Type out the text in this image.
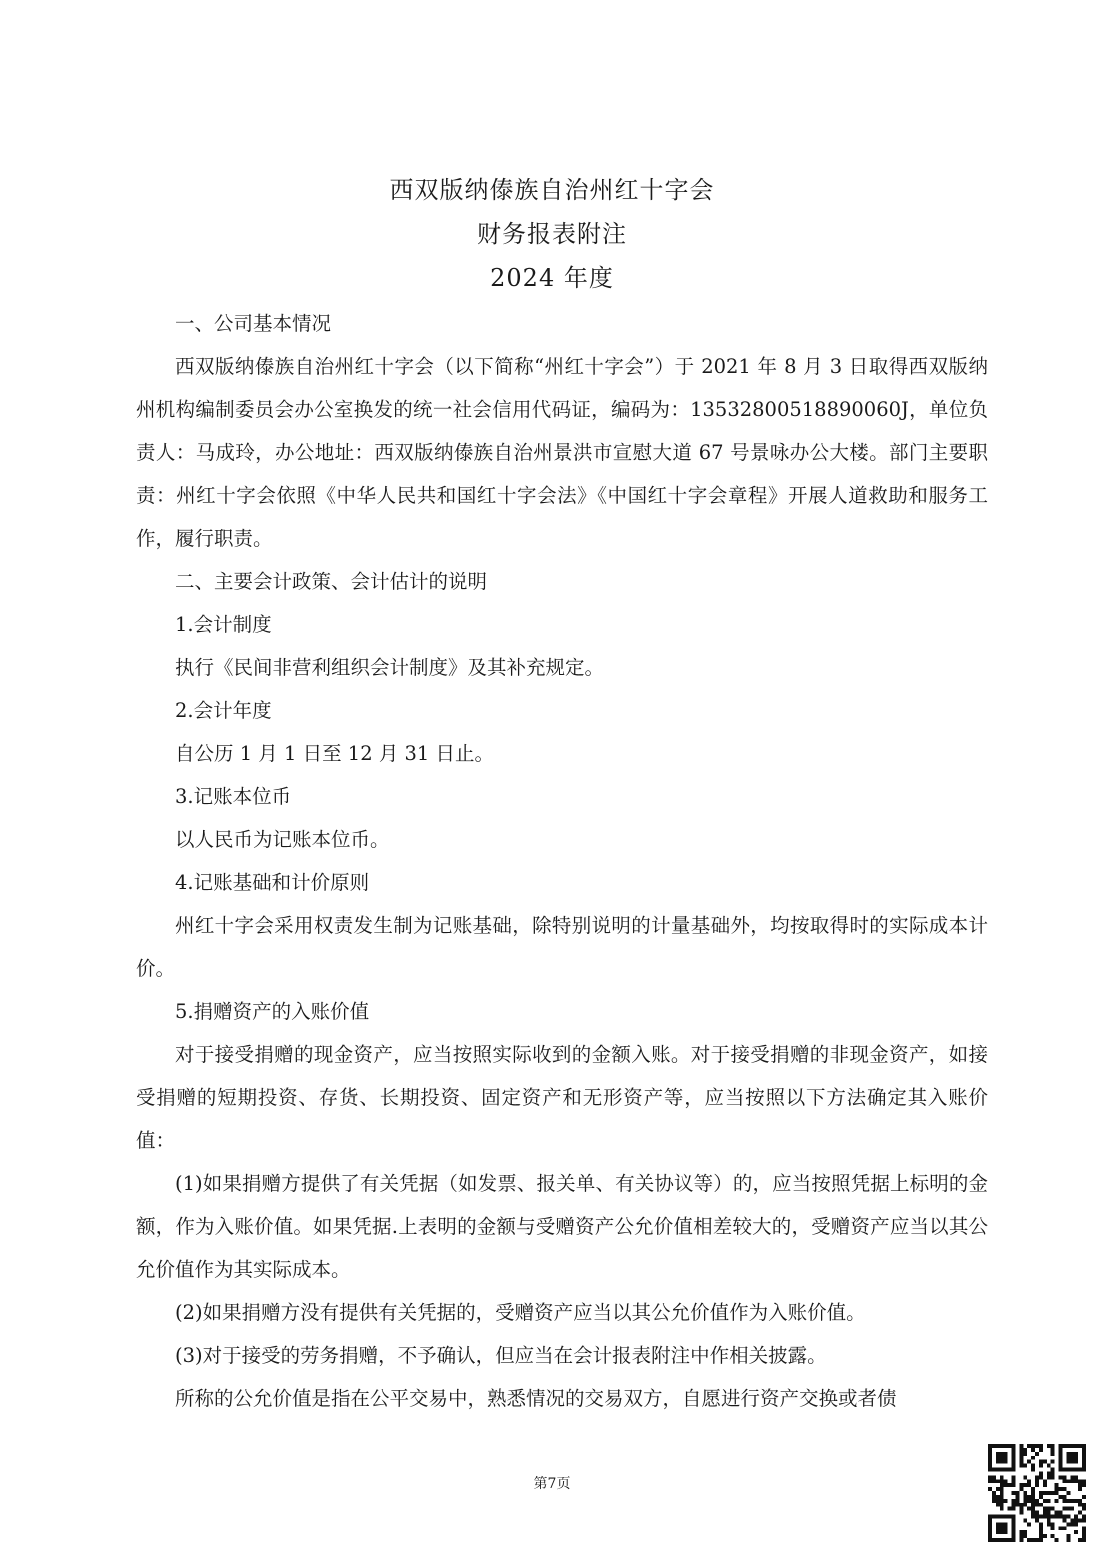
西双版纳傣族自治州红十字会
财务报表附注
2024 年度

一、公司基本情况

西双版纳傣族自治州红十字会（以下简称“州红十字会”）于 2021 年 8 月 3 日取得西双版纳州机构编制委员会办公室换发的统一社会信用代码证，编码为：13532800518890060J，单位负责人：马成玲，办公地址：西双版纳傣族自治州景洪市宣慰大道 67 号景咏办公大楼。部门主要职责：州红十字会依照《中华人民共和国红十字会法》《中国红十字会章程》开展人道救助和服务工作，履行职责。

二、主要会计政策、会计估计的说明

1.会计制度

执行《民间非营利组织会计制度》及其补充规定。

2.会计年度

自公历 1 月 1 日至 12 月 31 日止。

3.记账本位币

以人民币为记账本位币。

4.记账基础和计价原则

州红十字会采用权责发生制为记账基础，除特别说明的计量基础外，均按取得时的实际成本计价。

5.捐赠资产的入账价值

对于接受捐赠的现金资产，应当按照实际收到的金额入账。对于接受捐赠的非现金资产，如接受捐赠的短期投资、存货、长期投资、固定资产和无形资产等，应当按照以下方法确定其入账价值：

(1)如果捐赠方提供了有关凭据（如发票、报关单、有关协议等）的，应当按照凭据上标明的金额，作为入账价值。如果凭据.上表明的金额与受赠资产公允价值相差较大的，受赠资产应当以其公允价值作为其实际成本。

(2)如果捐赠方没有提供有关凭据的，受赠资产应当以其公允价值作为入账价值。

(3)对于接受的劳务捐赠，不予确认，但应当在会计报表附注中作相关披露。

所称的公允价值是指在公平交易中，熟悉情况的交易双方，自愿进行资产交换或者债

第7页
